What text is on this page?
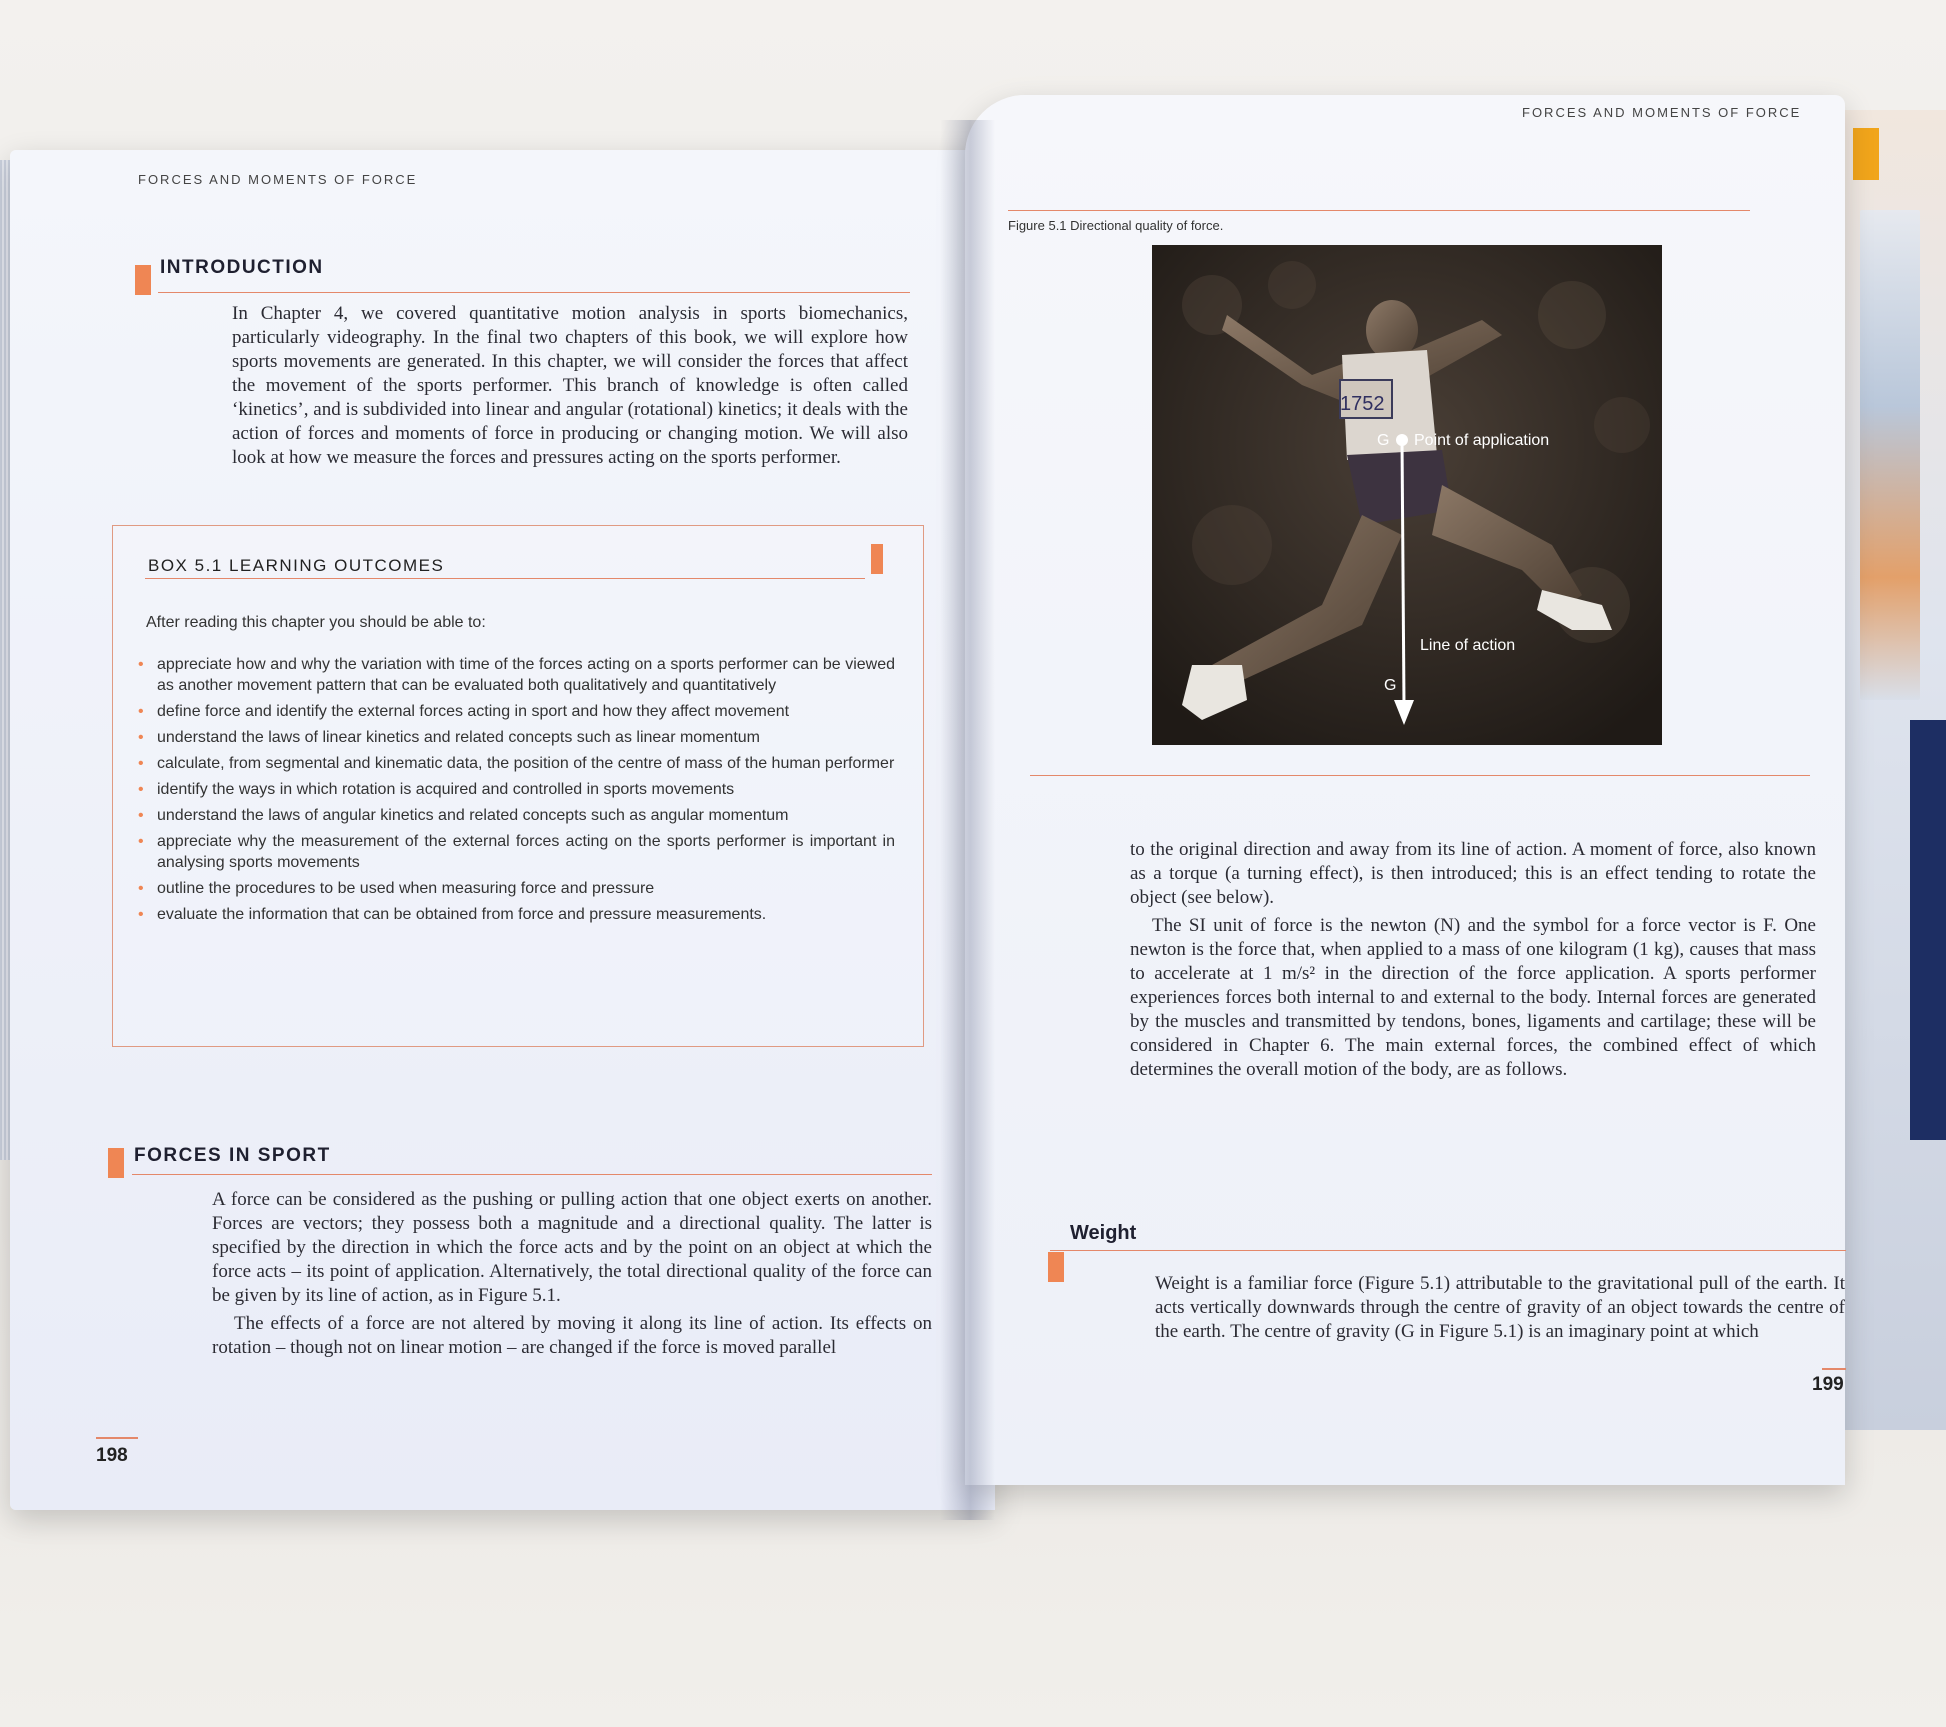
FORCES AND MOMENTS OF FORCE
INTRODUCTION

In Chapter 4, we covered quantitative motion analysis in sports biomechanics, particularly videography. In the final two chapters of this book, we will explore how sports movements are generated. In this chapter, we will consider the forces that affect the movement of the sports performer. This branch of knowledge is often called ‘kinetics’, and is subdivided into linear and angular (rotational) kinetics; it deals with the action of forces and moments of force in producing or changing motion. We will also look at how we measure the forces and pressures acting on the sports performer.

BOX 5.1 LEARNING OUTCOMES
After reading this chapter you should be able to:
• appreciate how and why the variation with time of the forces acting on a sports performer can be viewed as another movement pattern that can be evaluated both qualitatively and quantitatively
• define force and identify the external forces acting in sport and how they affect movement
• understand the laws of linear kinetics and related concepts such as linear momentum
• calculate, from segmental and kinematic data, the position of the centre of mass of the human performer
• identify the ways in which rotation is acquired and controlled in sports movements
• understand the laws of angular kinetics and related concepts such as angular momentum
• appreciate why the measurement of the external forces acting on the sports performer is important in analysing sports movements
• outline the procedures to be used when measuring force and pressure
• evaluate the information that can be obtained from force and pressure measurements.
FORCES IN SPORT

A force can be considered as the pushing or pulling action that one object exerts on another. Forces are vectors; they possess both a magnitude and a directional quality. The latter is specified by the direction in which the force acts and by the point on an object at which the force acts – its point of application. Alternatively, the total directional quality of the force can be given by its line of action, as in Figure 5.1.

The effects of a force are not altered by moving it along its line of action. Its effects on rotation – though not on linear motion – are changed if the force is moved parallel

198
FORCES AND MOMENTS OF FORCE
Figure 5.1 Directional quality of force.
1752
G Point of application
Line of action
G

to the original direction and away from its line of action. A moment of force, also known as a torque (a turning effect), is then introduced; this is an effect tending to rotate the object (see below).

The SI unit of force is the newton (N) and the symbol for a force vector is F. One newton is the force that, when applied to a mass of one kilogram (1 kg), causes that mass to accelerate at 1 m/s² in the direction of the force application. A sports performer experiences forces both internal to and external to the body. Internal forces are generated by the muscles and transmitted by tendons, bones, ligaments and cartilage; these will be considered in Chapter 6. The main external forces, the combined effect of which determines the overall motion of the body, are as follows.

Weight

Weight is a familiar force (Figure 5.1) attributable to the gravitational pull of the earth. It acts vertically downwards through the centre of gravity of an object towards the centre of the earth. The centre of gravity (G in Figure 5.1) is an imaginary point at which

199
